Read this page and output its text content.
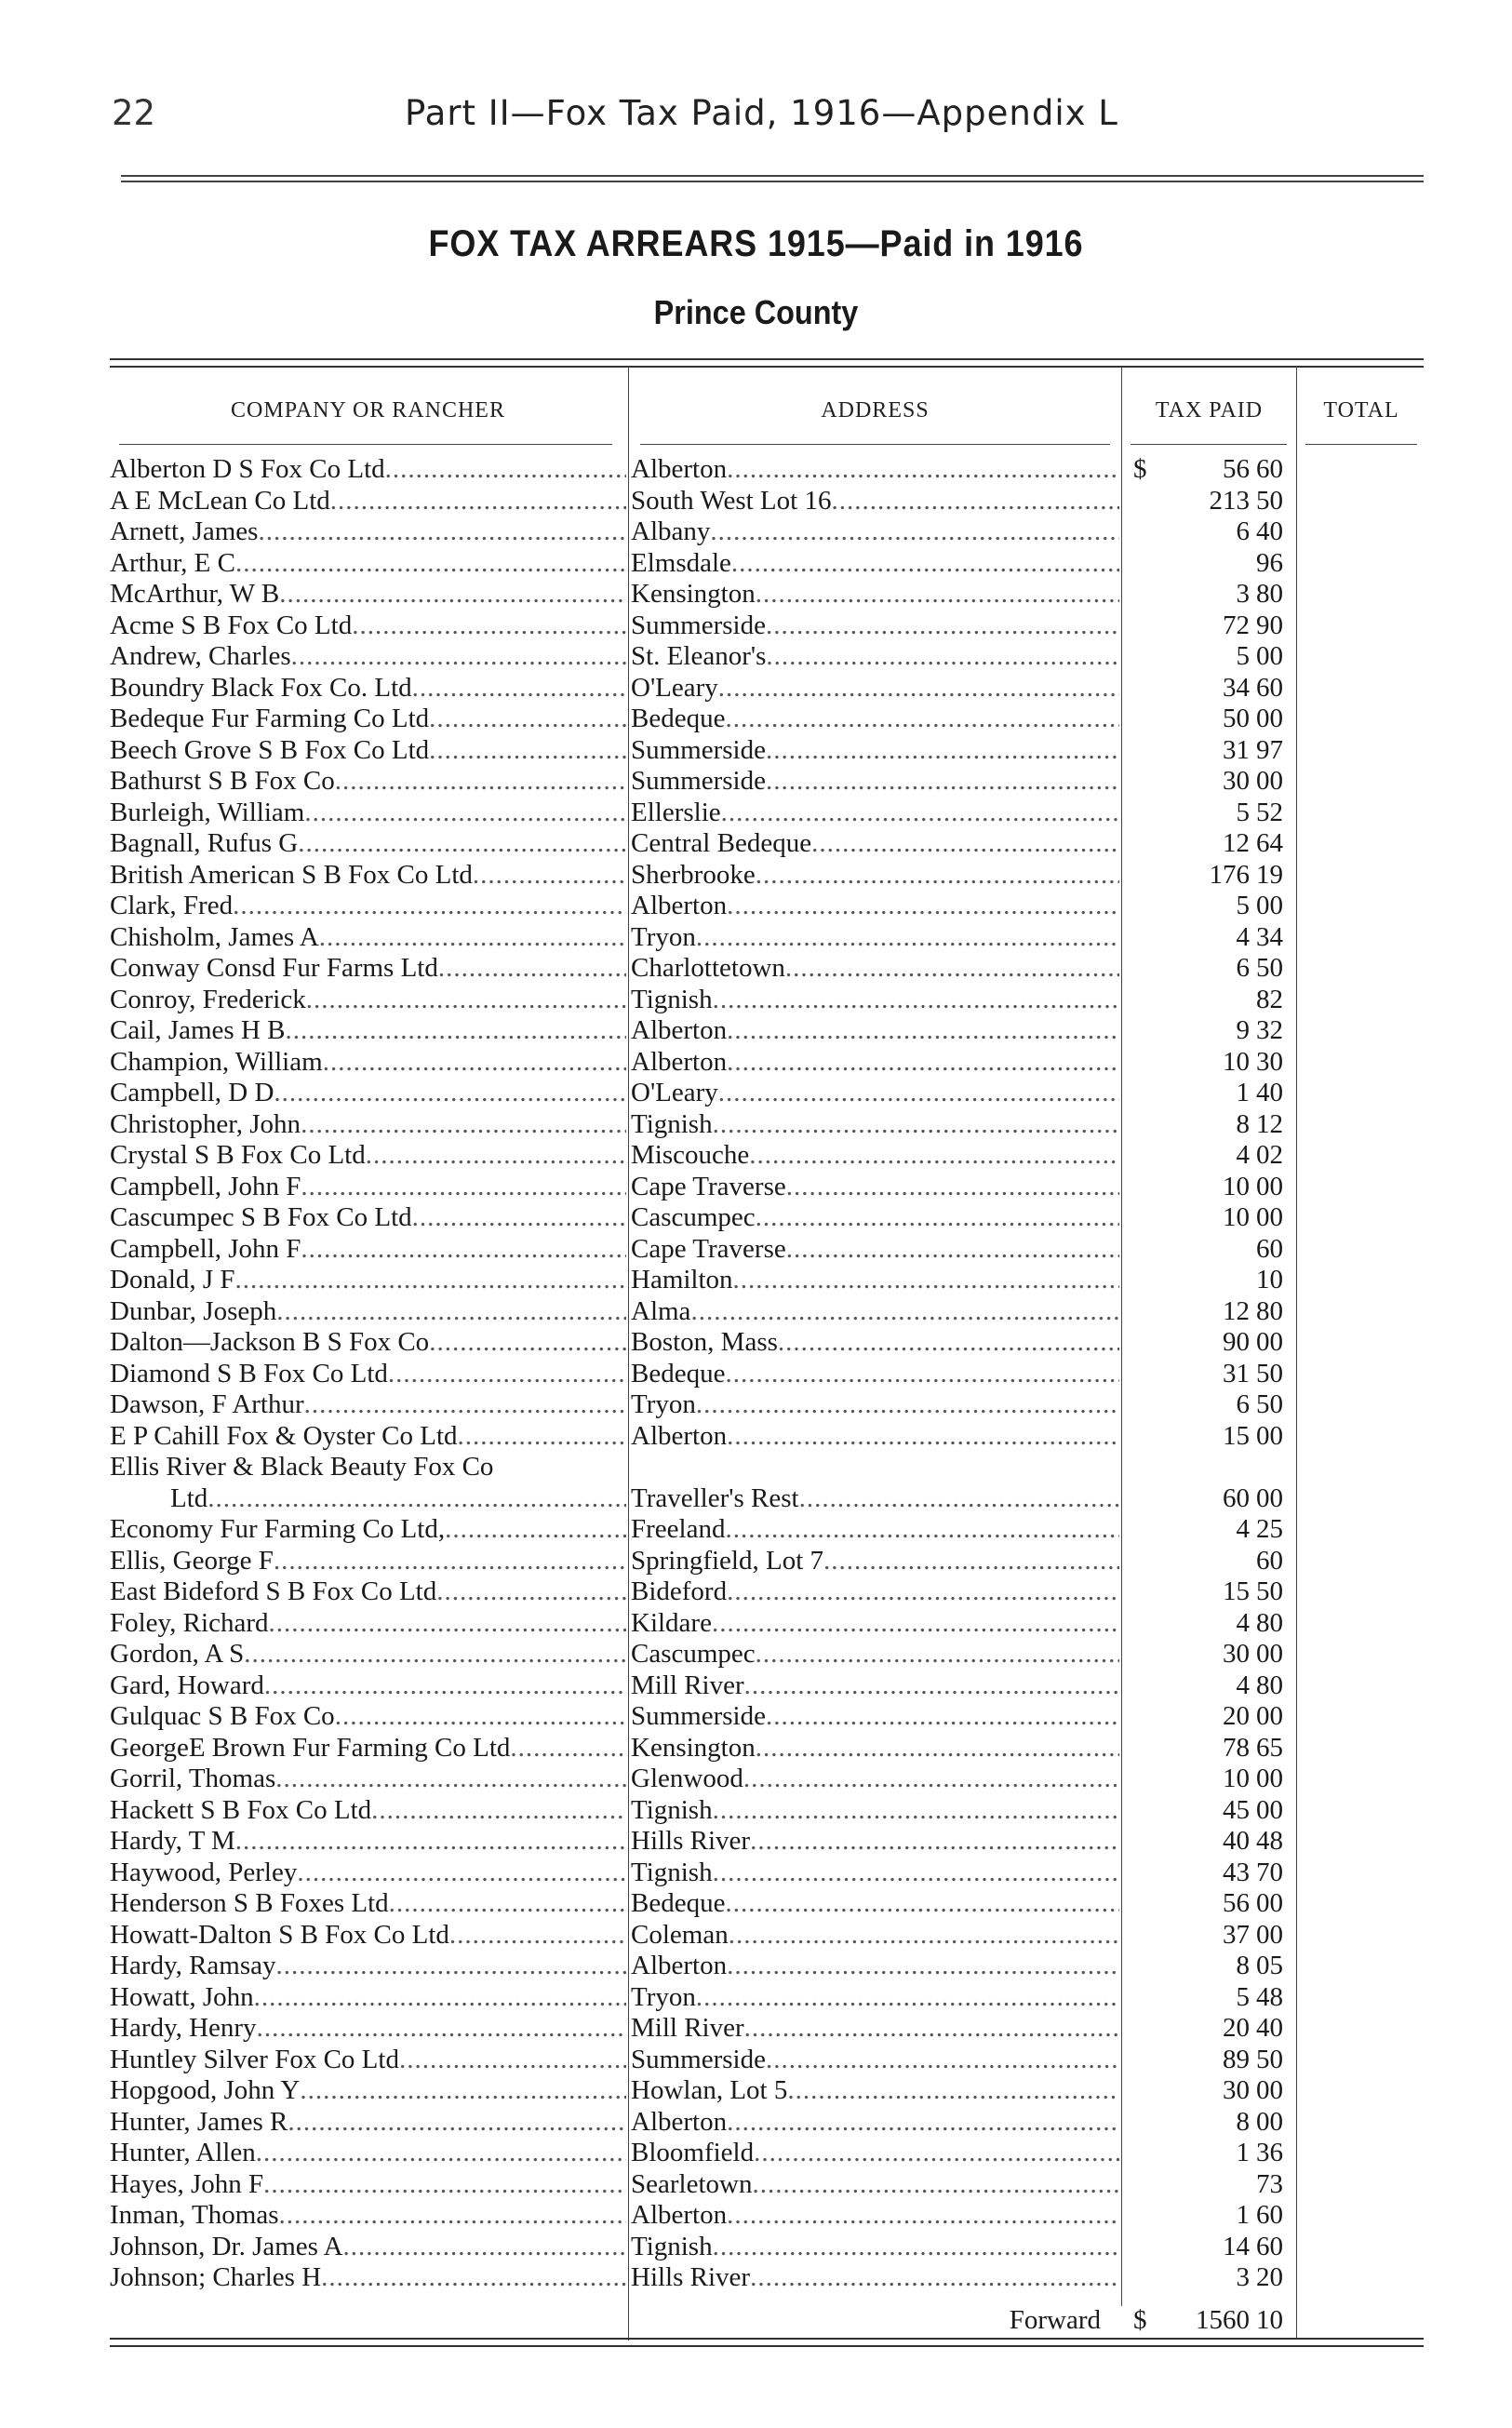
22	Part II—Fox Tax Paid, 1916—Appendix L
FOX TAX ARREARS 1915—Paid in 1916
Prince County
COMPANY OR RANCHER	ADDRESS	TAX PAID	TOTAL
Alberton D S Fox Co Ltd .....	Alberton .....	$	56 60
A E McLean Co Ltd .....	South West Lot 16 .....	213 50
Arnett, James .....	Albany .....	6 40
Arthur, E C .....	Elmsdale .....	96
McArthur, W B .....	Kensington .....	3 80
Acme S B Fox Co Ltd .....	Summerside .....	72 90
Andrew, Charles .....	St. Eleanor's .....	5 00
Boundry Black Fox Co. Ltd .....	O'Leary .....	34 60
Bedeque Fur Farming Co Ltd .....	Bedeque .....	50 00
Beech Grove S B Fox Co Ltd .....	Summerside .....	31 97
Bathurst S B Fox Co .....	Summerside .....	30 00
Burleigh, William .....	Ellerslie .....	5 52
Bagnall, Rufus G .....	Central Bedeque .....	12 64
British American S B Fox Co Ltd .....	Sherbrooke .....	176 19
Clark, Fred .....	Alberton .....	5 00
Chisholm, James A .....	Tryon .....	4 34
Conway Consd Fur Farms Ltd .....	Charlottetown .....	6 50
Conroy, Frederick .....	Tignish .....	82
Cail, James H B .....	Alberton .....	9 32
Champion, William .....	Alberton .....	10 30
Campbell, D D .....	O'Leary .....	1 40
Christopher, John .....	Tignish .....	8 12
Crystal S B Fox Co Ltd .....	Miscouche .....	4 02
Campbell, John F .....	Cape Traverse .....	10 00
Cascumpec S B Fox Co Ltd .....	Cascumpec .....	10 00
Campbell, John F .....	Cape Traverse .....	60
Donald, J F .....	Hamilton .....	10
Dunbar, Joseph .....	Alma .....	12 80
Dalton—Jackson B S Fox Co .....	Boston, Mass .....	90 00
Diamond S B Fox Co Ltd .....	Bedeque .....	31 50
Dawson, F Arthur .....	Tryon .....	6 50
E P Cahill Fox & Oyster Co Ltd .....	Alberton .....	15 00
Ellis River & Black Beauty Fox Co
Ltd .....	Traveller's Rest .....	60 00
Economy Fur Farming Co Ltd, .....	Freeland .....	4 25
Ellis, George F .....	Springfield, Lot 7 .....	60
East Bideford S B Fox Co Ltd .....	Bideford .....	15 50
Foley, Richard .....	Kildare .....	4 80
Gordon, A S .....	Cascumpec .....	30 00
Gard, Howard .....	Mill River .....	4 80
Gulquac S B Fox Co .....	Summerside .....	20 00
GeorgeE Brown Fur Farming Co Ltd .....	Kensington .....	78 65
Gorril, Thomas .....	Glenwood .....	10 00
Hackett S B Fox Co Ltd .....	Tignish .....	45 00
Hardy, T M .....	Hills River .....	40 48
Haywood, Perley .....	Tignish .....	43 70
Henderson S B Foxes Ltd .....	Bedeque .....	56 00
Howatt-Dalton S B Fox Co Ltd .....	Coleman .....	37 00
Hardy, Ramsay .....	Alberton .....	8 05
Howatt, John .....	Tryon .....	5 48
Hardy, Henry .....	Mill River .....	20 40
Huntley Silver Fox Co Ltd .....	Summerside .....	89 50
Hopgood, John Y .....	Howlan, Lot 5 .....	30 00
Hunter, James R .....	Alberton .....	8 00
Hunter, Allen .....	Bloomfield .....	1 36
Hayes, John F .....	Searletown .....	73
Inman, Thomas .....	Alberton .....	1 60
Johnson, Dr. James A .....	Tignish .....	14 60
Johnson; Charles H .....	Hills River .....	3 20
Forward $	1560 10
